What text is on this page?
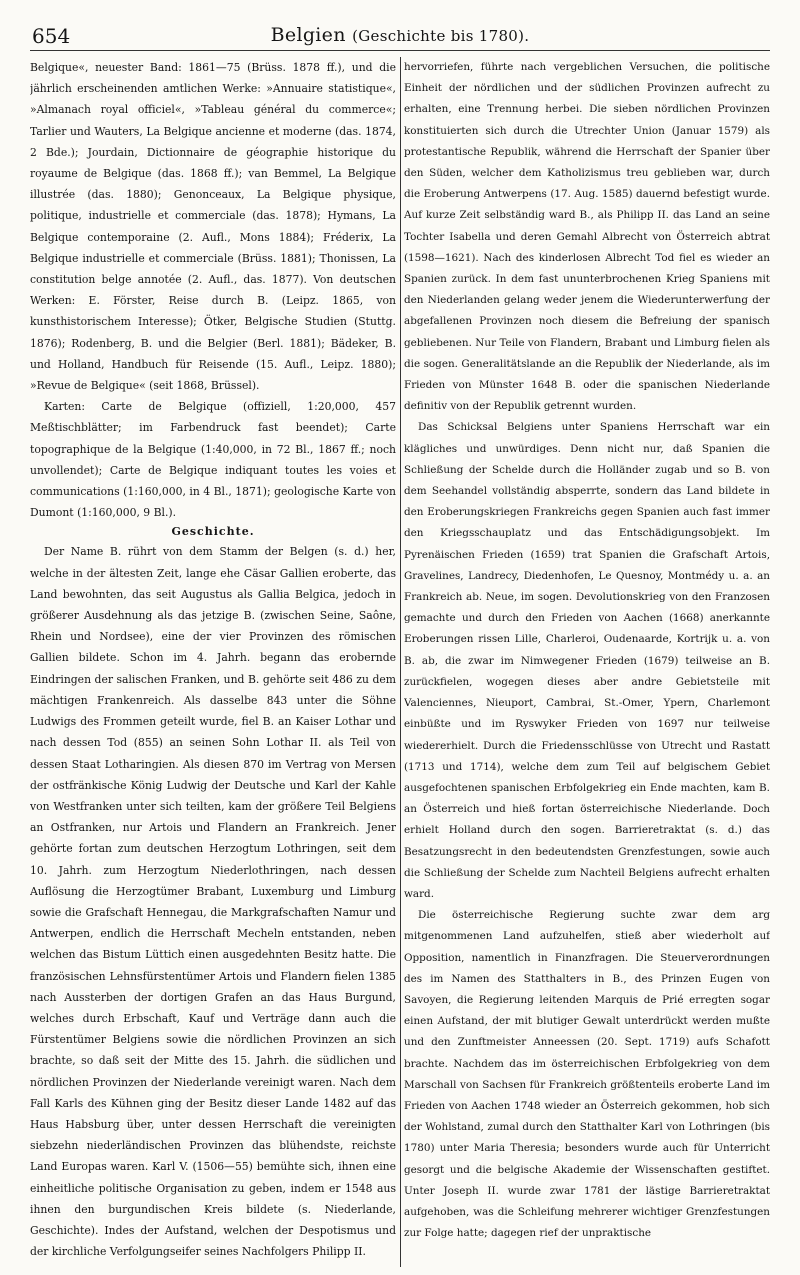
654	Belgien (Geschichte bis 1780).

Belgique«, neuester Band: 1861—75 (Brüss. 1878 ff.), und die jährlich erscheinenden amtlichen Werke: »Annuaire statistique«, »Almanach royal officiel«, »Tableau général du commerce«; Tarlier und Wauters, La Belgique ancienne et moderne (das. 1874, 2 Bde.); Jourdain, Dictionnaire de géographie historique du royaume de Belgique (das. 1868 ff.); van Bemmel, La Belgique illustrée (das. 1880); Genonceaux, La Belgique physique, politique, industrielle et commerciale (das. 1878); Hymans, La Belgique contemporaine (2. Aufl., Mons 1884); Fréderix, La Belgique industrielle et commerciale (Brüss. 1881); Thonissen, La constitution belge annotée (2. Aufl., das. 1877). Von deutschen Werken: E. Förster, Reise durch B. (Leipz. 1865, von kunsthistorischem Interesse); Ötker, Belgische Studien (Stuttg. 1876); Rodenberg, B. und die Belgier (Berl. 1881); Bädeker, B. und Holland, Handbuch für Reisende (15. Aufl., Leipz. 1880); »Revue de Belgique« (seit 1868, Brüssel).

Karten: Carte de Belgique (offiziell, 1:20,000, 457 Meßtischblätter; im Farbendruck fast beendet); Carte topographique de la Belgique (1:40,000, in 72 Bl., 1867 ff.; noch unvollendet); Carte de Belgique indiquant toutes les voies et communications (1:160,000, in 4 Bl., 1871); geologische Karte von Dumont (1:160,000, 9 Bl.).

Geschichte.

Der Name B. rührt von dem Stamm der Belgen (s. d.) her, welche in der ältesten Zeit, lange ehe Cäsar Gallien eroberte, das Land bewohnten, das seit Augustus als Gallia Belgica, jedoch in größerer Ausdehnung als das jetzige B. (zwischen Seine, Saône, Rhein und Nordsee), eine der vier Provinzen des römischen Gallien bildete. Schon im 4. Jahrh. begann das erobernde Eindringen der salischen Franken, und B. gehörte seit 486 zu dem mächtigen Frankenreich. Als dasselbe 843 unter die Söhne Ludwigs des Frommen geteilt wurde, fiel B. an Kaiser Lothar und nach dessen Tod (855) an seinen Sohn Lothar II. als Teil von dessen Staat Lotharingien. Als diesen 870 im Vertrag von Mersen der ostfränkische König Ludwig der Deutsche und Karl der Kahle von Westfranken unter sich teilten, kam der größere Teil Belgiens an Ostfranken, nur Artois und Flandern an Frankreich. Jener gehörte fortan zum deutschen Herzogtum Lothringen, seit dem 10. Jahrh. zum Herzogtum Niederlothringen, nach dessen Auflösung die Herzogtümer Brabant, Luxemburg und Limburg sowie die Grafschaft Hennegau, die Markgrafschaften Namur und Antwerpen, endlich die Herrschaft Mecheln entstanden, neben welchen das Bistum Lüttich einen ausgedehnten Besitz hatte. Die französischen Lehnsfürstentümer Artois und Flandern fielen 1385 nach Aussterben der dortigen Grafen an das Haus Burgund, welches durch Erbschaft, Kauf und Verträge dann auch die Fürstentümer Belgiens sowie die nördlichen Provinzen an sich brachte, so daß seit der Mitte des 15. Jahrh. die südlichen und nördlichen Provinzen der Niederlande vereinigt waren. Nach dem Fall Karls des Kühnen ging der Besitz dieser Lande 1482 auf das Haus Habsburg über, unter dessen Herrschaft die vereinigten siebzehn niederländischen Provinzen das blühendste, reichste Land Europas waren. Karl V. (1506—55) bemühte sich, ihnen eine einheitliche politische Organisation zu geben, indem er 1548 aus ihnen den burgundischen Kreis bildete (s. Niederlande, Geschichte). Indes der Aufstand, welchen der Despotismus und der kirchliche Verfolgungseifer seines Nachfolgers Philipp II.

hervorriefen, führte nach vergeblichen Versuchen, die politische Einheit der nördlichen und der südlichen Provinzen aufrecht zu erhalten, eine Trennung herbei. Die sieben nördlichen Provinzen konstituierten sich durch die Utrechter Union (Januar 1579) als protestantische Republik, während die Herrschaft der Spanier über den Süden, welcher dem Katholizismus treu geblieben war, durch die Eroberung Antwerpens (17. Aug. 1585) dauernd befestigt wurde. Auf kurze Zeit selbständig ward B., als Philipp II. das Land an seine Tochter Isabella und deren Gemahl Albrecht von Österreich abtrat (1598—1621). Nach des kinderlosen Albrecht Tod fiel es wieder an Spanien zurück. In dem fast ununterbrochenen Krieg Spaniens mit den Niederlanden gelang weder jenem die Wiederunterwerfung der abgefallenen Provinzen noch diesem die Befreiung der spanisch gebliebenen. Nur Teile von Flandern, Brabant und Limburg fielen als die sogen. Generalitätslande an die Republik der Niederlande, als im Frieden von Münster 1648 B. oder die spanischen Niederlande definitiv von der Republik getrennt wurden.

Das Schicksal Belgiens unter Spaniens Herrschaft war ein klägliches und unwürdiges. Denn nicht nur, daß Spanien die Schließung der Schelde durch die Holländer zugab und so B. von dem Seehandel vollständig absperrte, sondern das Land bildete in den Eroberungskriegen Frankreichs gegen Spanien auch fast immer den Kriegsschauplatz und das Entschädigungsobjekt. Im Pyrenäischen Frieden (1659) trat Spanien die Grafschaft Artois, Gravelines, Landrecy, Diedenhofen, Le Quesnoy, Montmédy u. a. an Frankreich ab. Neue, im sogen. Devolutionskrieg von den Franzosen gemachte und durch den Frieden von Aachen (1668) anerkannte Eroberungen rissen Lille, Charleroi, Oudenaarde, Kortrijk u. a. von B. ab, die zwar im Nimwegener Frieden (1679) teilweise an B. zurückfielen, wogegen dieses aber andre Gebietsteile mit Valenciennes, Nieuport, Cambrai, St.-Omer, Ypern, Charlemont einbüßte und im Ryswyker Frieden von 1697 nur teilweise wiedererhielt. Durch die Friedensschlüsse von Utrecht und Rastatt (1713 und 1714), welche dem zum Teil auf belgischem Gebiet ausgefochtenen spanischen Erbfolgekrieg ein Ende machten, kam B. an Österreich und hieß fortan österreichische Niederlande. Doch erhielt Holland durch den sogen. Barrieretraktat (s. d.) das Besatzungsrecht in den bedeutendsten Grenzfestungen, sowie auch die Schließung der Schelde zum Nachteil Belgiens aufrecht erhalten ward.

Die österreichische Regierung suchte zwar dem arg mitgenommenen Land aufzuhelfen, stieß aber wiederholt auf Opposition, namentlich in Finanzfragen. Die Steuerverordnungen des im Namen des Statthalters in B., des Prinzen Eugen von Savoyen, die Regierung leitenden Marquis de Prié erregten sogar einen Aufstand, der mit blutiger Gewalt unterdrückt werden mußte und den Zunftmeister Anneessen (20. Sept. 1719) aufs Schafott brachte. Nachdem das im österreichischen Erbfolgekrieg von dem Marschall von Sachsen für Frankreich größtenteils eroberte Land im Frieden von Aachen 1748 wieder an Österreich gekommen, hob sich der Wohlstand, zumal durch den Statthalter Karl von Lothringen (bis 1780) unter Maria Theresia; besonders wurde auch für Unterricht gesorgt und die belgische Akademie der Wissenschaften gestiftet. Unter Joseph II. wurde zwar 1781 der lästige Barrieretraktat aufgehoben, was die Schleifung mehrerer wichtiger Grenzfestungen zur Folge hatte; dagegen rief der unpraktische
